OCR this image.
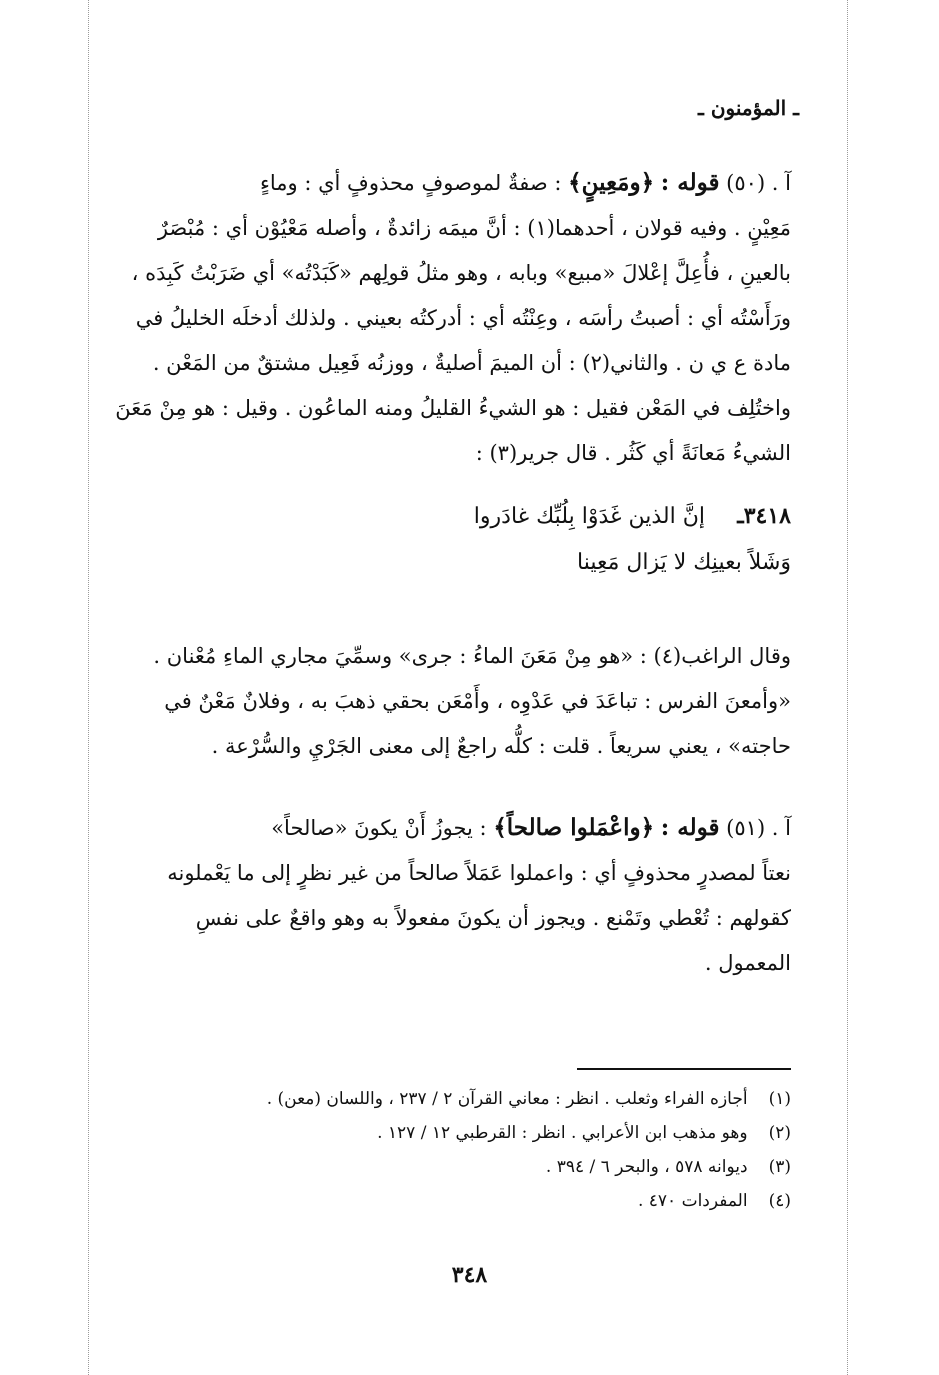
ـ المؤمنون ـ

آ . (٥٠) قوله : ﴿ومَعِينٍ﴾ : صفةٌ لموصوفٍ محذوفٍ أي : وماءٍ

مَعِيْنٍ . وفيه قولان ، أحدهما(١) : أنَّ ميمَه زائدةٌ ، وأصله مَعْيُوْن أي : مُبْصَرٌ

بالعينِ ، فأُعِلَّ إعْلالَ «مبيع» وبابه ، وهو مثلُ قولِهم «كَبَدْتُه» أي ضَرَبْتُ كَبِدَه ،

ورَأَسْتُه أي : أصبتُ رأسَه ، وعِنْتُه أي : أدركتُه بعيني . ولذلك أدخلَه الخليلُ في

مادة ع ي ن . والثاني(٢) : أن الميمَ أصليةٌ ، ووزنُه فَعِيل مشتقٌ من المَعْن .

واختُلِف في المَعْن فقيل : هو الشيءُ القليلُ ومنه الماعُون . وقيل : هو مِنْ مَعَنَ

الشيءُ مَعانَةً أي كَثُر . قال جرير(٣) :

٣٤١٨ـ
إنَّ الذين غَدَوْا بِلُبِّك غادَروا
وَشَلاً بعينِك لا يَزال مَعِينا

وقال الراغب(٤) : «هو مِنْ مَعَنَ الماءُ : جرى» وسمِّيَ مجاري الماءِ مُعْنان .

«وأمعنَ الفرس : تباعَدَ في عَدْوِه ، وأَمْعَن بحقي ذهبَ به ، وفلانٌ مَعْنٌ في

حاجته» ، يعني سريعاً . قلت : كلُّه راجعٌ إلى معنى الجَرْيِ والسُّرْعة .

آ . (٥١) قوله : ﴿واعْمَلوا صالحاً﴾ : يجوزُ أَنْ يكونَ «صالحاً»

نعتاً لمصدرٍ محذوفٍ أي : واعملوا عَمَلاً صالحاً من غير نظرٍ إلى ما يَعْملونه

كقولهم : تُعْطي وتَمْنع . ويجوز أن يكونَ مفعولاً به وهو واقعٌ على نفسِ

المعمول .

(١) أجازه الفراء وثعلب . انظر : معاني القرآن ٢ / ٢٣٧ ، واللسان (معن) .

(٢) وهو مذهب ابن الأعرابي . انظر : القرطبي ١٢ / ١٢٧ .

(٣) ديوانه ٥٧٨ ، والبحر ٦ / ٣٩٤ .

(٤) المفردات ٤٧٠ .

٣٤٨
